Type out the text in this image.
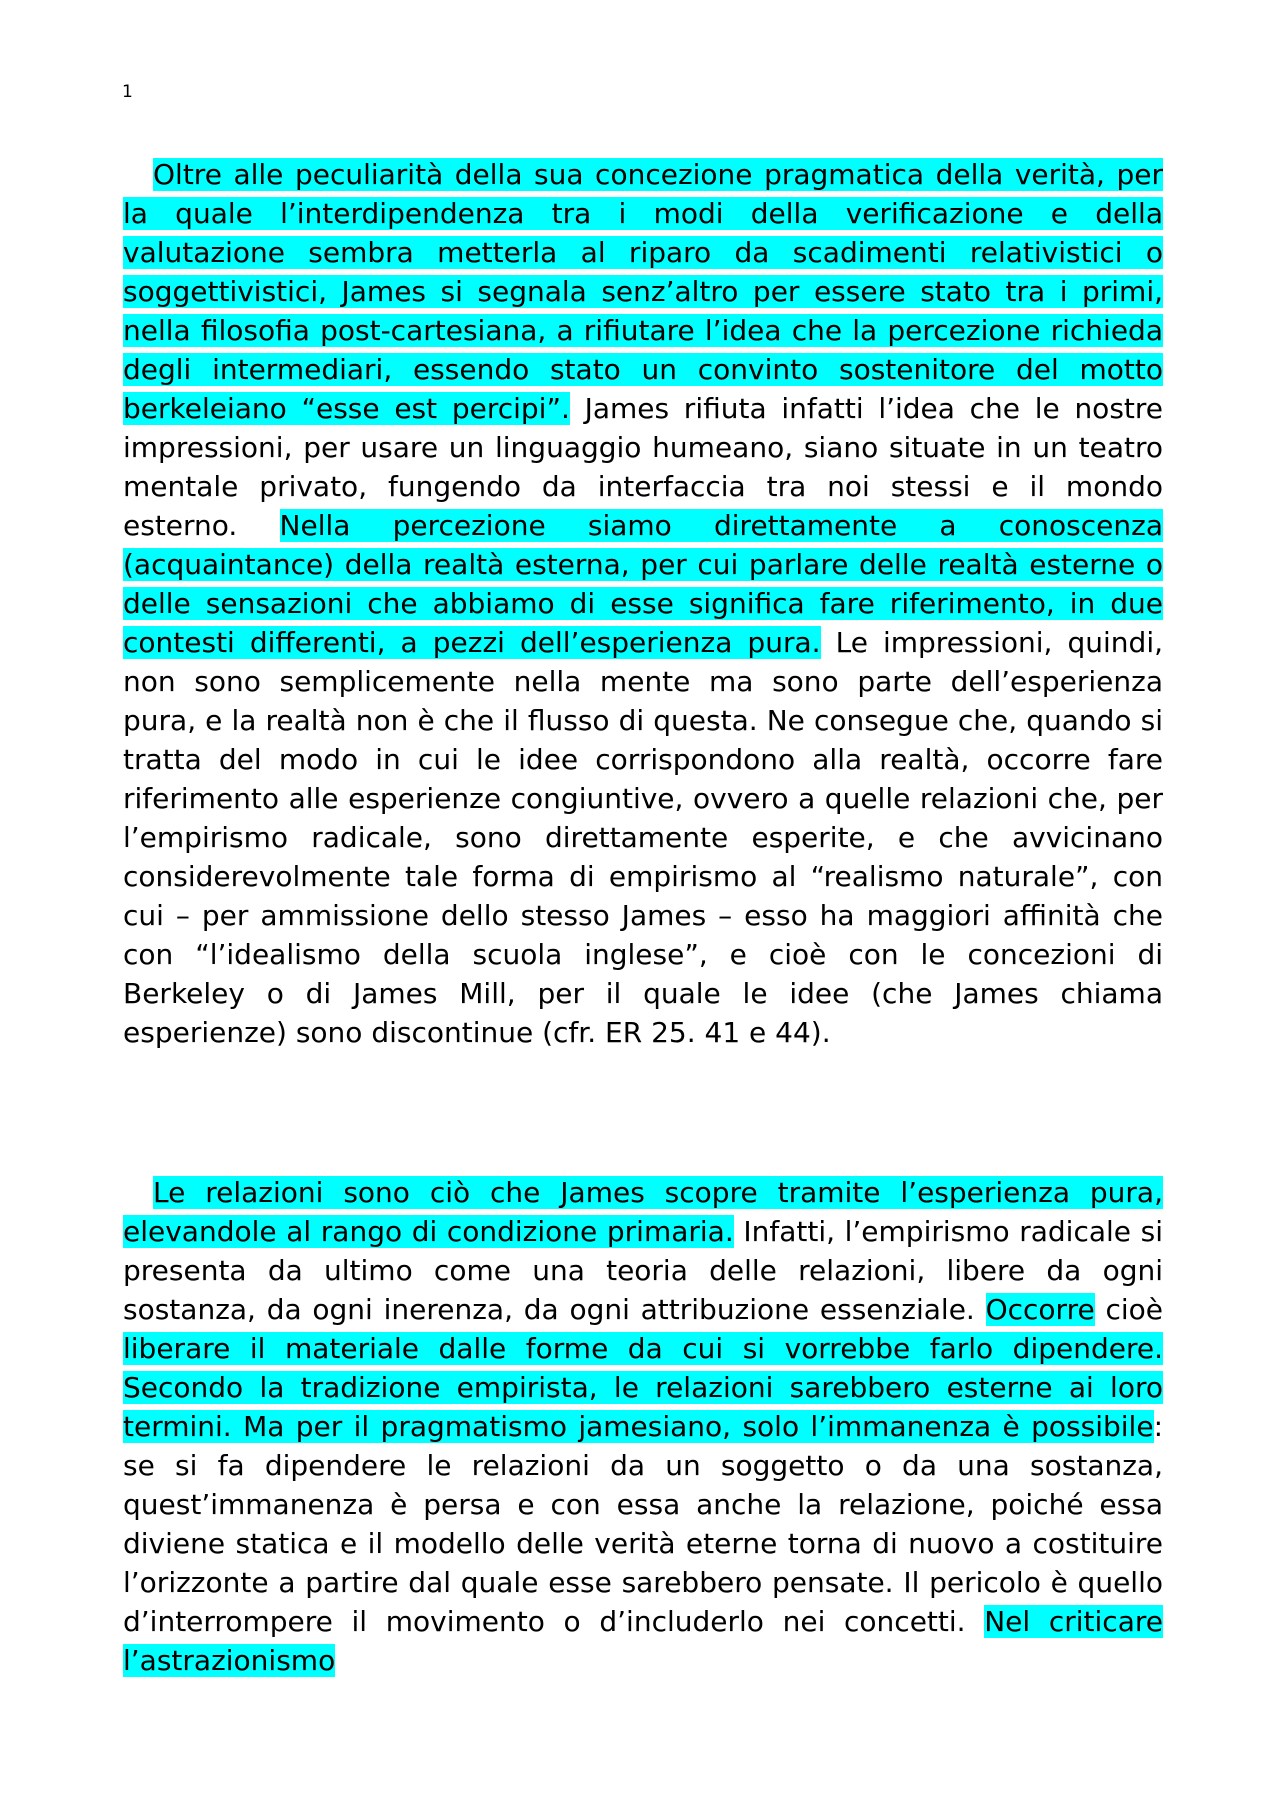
1

Oltre alle peculiarità della sua concezione pragmatica della verità, per la quale l’interdipendenza tra i modi della verificazione e della valutazione sembra metterla al riparo da scadimenti relativistici o soggettivistici, James si segnala senz’altro per essere stato tra i primi, nella filosofia post-cartesiana, a rifiutare l’idea che la percezione richieda degli intermediari, essendo stato un convinto sostenitore del motto berkeleiano “esse est percipi”. James rifiuta infatti l’idea che le nostre impressioni, per usare un linguaggio humeano, siano situate in un teatro mentale privato, fungendo da interfaccia tra noi stessi e il mondo esterno. Nella percezione siamo direttamente a conoscenza (acquaintance) della realtà esterna, per cui parlare delle realtà esterne o delle sensazioni che abbiamo di esse significa fare riferimento, in due contesti differenti, a pezzi dell’esperienza pura. Le impressioni, quindi, non sono semplicemente nella mente ma sono parte dell’esperienza pura, e la realtà non è che il flusso di questa. Ne consegue che, quando si tratta del modo in cui le idee corrispondono alla realtà, occorre fare riferimento alle esperienze congiuntive, ovvero a quelle relazioni che, per l’empirismo radicale, sono direttamente esperite, e che avvicinano considerevolmente tale forma di empirismo al “realismo naturale”, con cui – per ammissione dello stesso James – esso ha maggiori affinità che con “l’idealismo della scuola inglese”, e cioè con le concezioni di Berkeley o di James Mill, per il quale le idee (che James chiama esperienze) sono discontinue (cfr. ER 25. 41 e 44).

Le relazioni sono ciò che James scopre tramite l’esperienza pura, elevandole al rango di condizione primaria. Infatti, l’empirismo radicale si presenta da ultimo come una teoria delle relazioni, libere da ogni sostanza, da ogni inerenza, da ogni attribuzione essenziale. Occorre cioè liberare il materiale dalle forme da cui si vorrebbe farlo dipendere. Secondo la tradizione empirista, le relazioni sarebbero esterne ai loro termini. Ma per il pragmatismo jamesiano, solo l’immanenza è possibile: se si fa dipendere le relazioni da un soggetto o da una sostanza, quest’immanenza è persa e con essa anche la relazione, poiché essa diviene statica e il modello delle verità eterne torna di nuovo a costituire l’orizzonte a partire dal quale esse sarebbero pensate. Il pericolo è quello d’interrompere il movimento o d’includerlo nei concetti. Nel criticare l’astrazionismo
